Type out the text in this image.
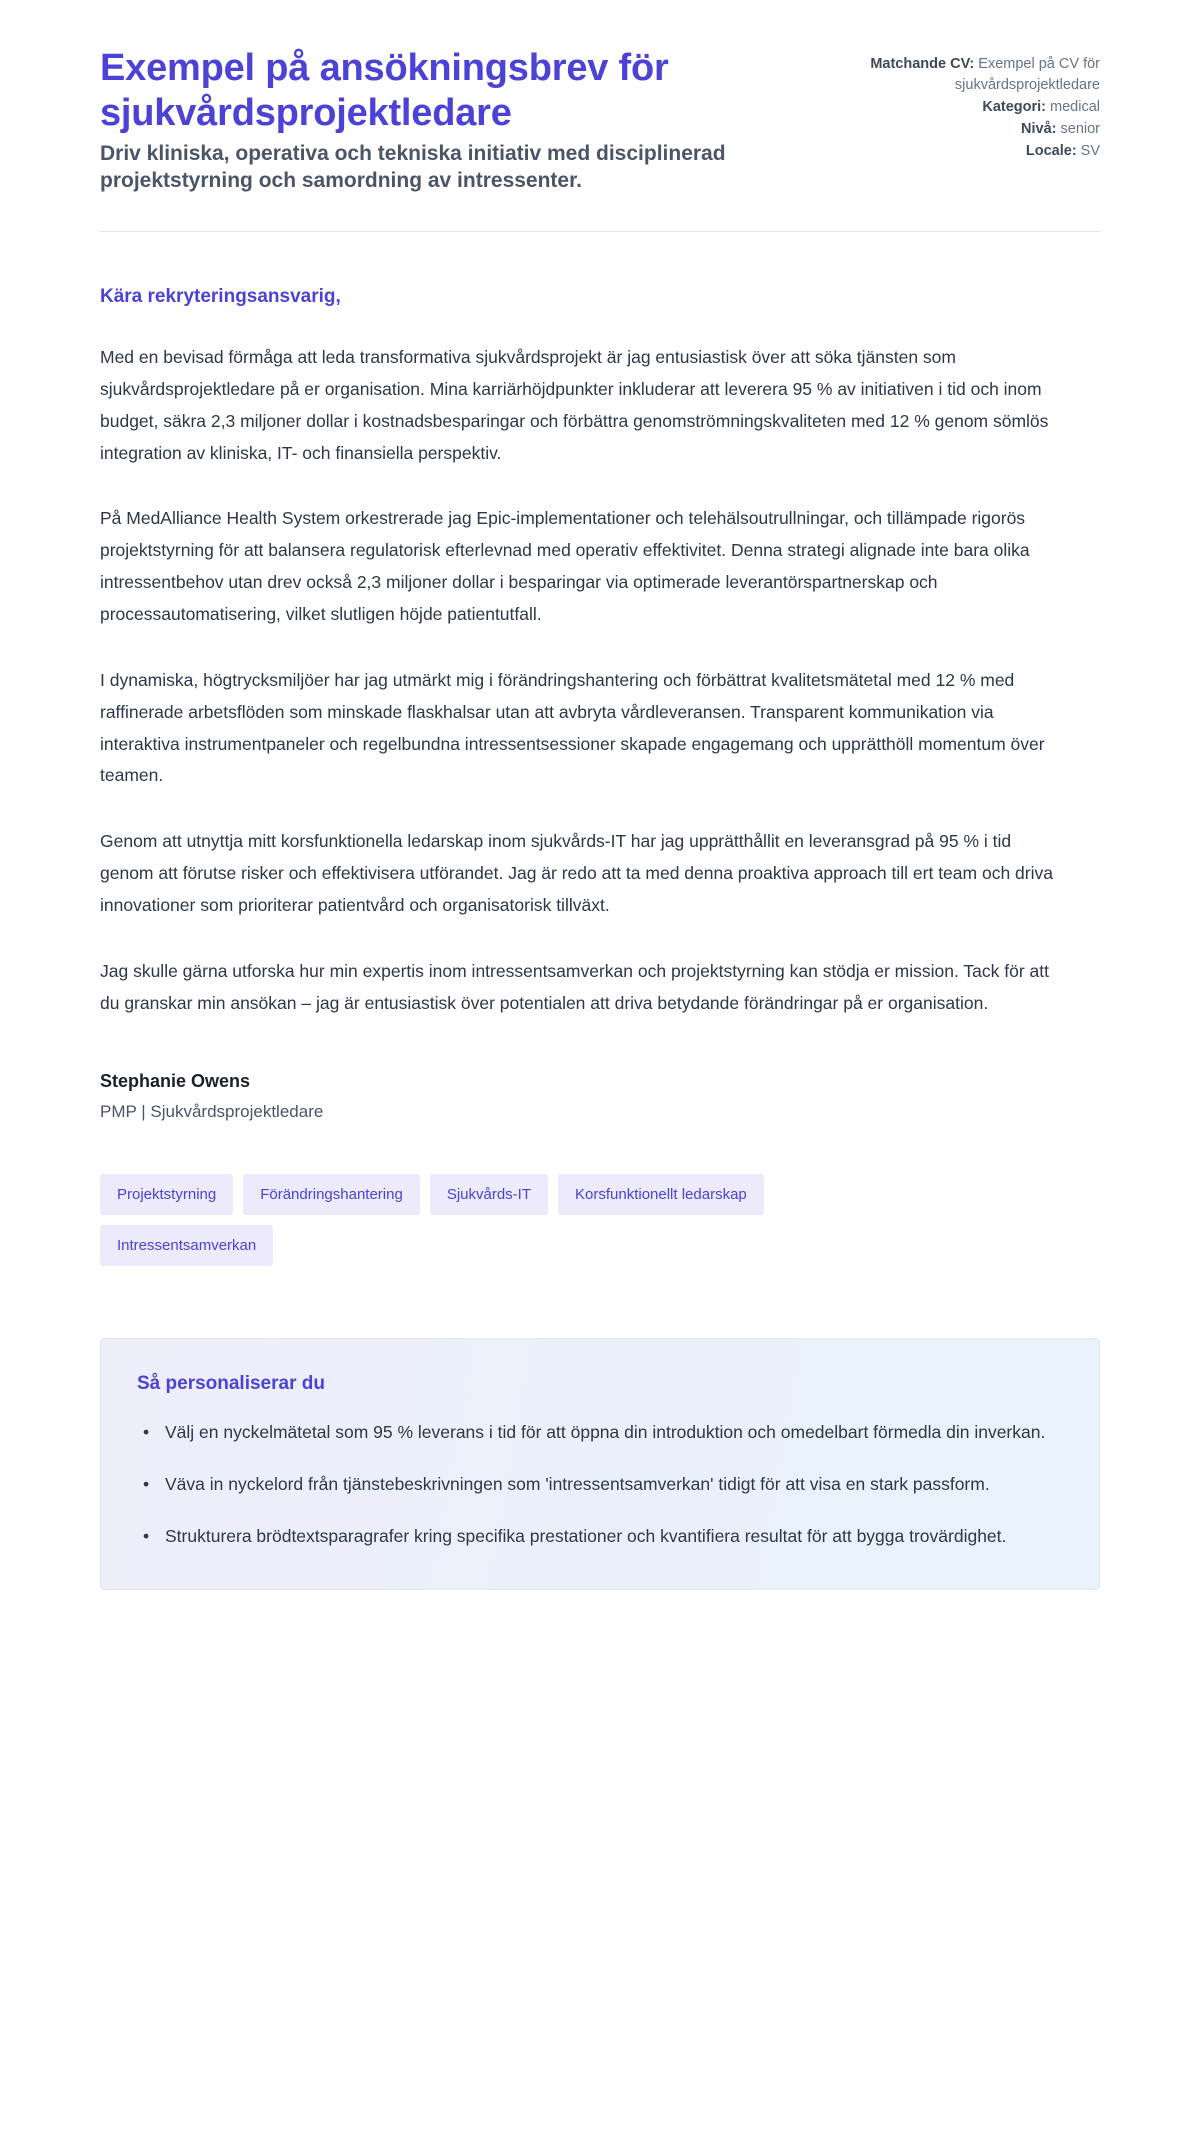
Exempel på ansökningsbrev för sjukvårdsprojektledare

Driv kliniska, operativa och tekniska initiativ med disciplinerad projektstyrning och samordning av intressenter.

Matchande CV: Exempel på CV för sjukvårdsprojektledare
Kategori: medical
Nivå: senior
Locale: SV

Kära rekryteringsansvarig,

Med en bevisad förmåga att leda transformativa sjukvårdsprojekt är jag entusiastisk över att söka tjänsten som sjukvårdsprojektledare på er organisation. Mina karriärhöjdpunkter inkluderar att leverera 95 % av initiativen i tid och inom budget, säkra 2,3 miljoner dollar i kostnadsbesparingar och förbättra genomströmningskvaliteten med 12 % genom sömlös integration av kliniska, IT- och finansiella perspektiv.

På MedAlliance Health System orkestrerade jag Epic-implementationer och telehälsoutrullningar, och tillämpade rigorös projektstyrning för att balansera regulatorisk efterlevnad med operativ effektivitet. Denna strategi alignade inte bara olika intressentbehov utan drev också 2,3 miljoner dollar i besparingar via optimerade leverantörspartnerskap och processautomatisering, vilket slutligen höjde patientutfall.

I dynamiska, högtrycksmiljöer har jag utmärkt mig i förändringshantering och förbättrat kvalitetsmätetal med 12 % med raffinerade arbetsflöden som minskade flaskhalsar utan att avbryta vårdleveransen. Transparent kommunikation via interaktiva instrumentpaneler och regelbundna intressentsessioner skapade engagemang och upprätthöll momentum över teamen.

Genom att utnyttja mitt korsfunktionella ledarskap inom sjukvårds-IT har jag upprätthållit en leveransgrad på 95 % i tid genom att förutse risker och effektivisera utförandet. Jag är redo att ta med denna proaktiva approach till ert team och driva innovationer som prioriterar patientvård och organisatorisk tillväxt.

Jag skulle gärna utforska hur min expertis inom intressentsamverkan och projektstyrning kan stödja er mission. Tack för att du granskar min ansökan – jag är entusiastisk över potentialen att driva betydande förändringar på er organisation.

Stephanie Owens

PMP | Sjukvårdsprojektledare

Projektstyrning	Förändringshantering	Sjukvårds-IT	Korsfunktionellt ledarskap
Intressentsamverkan
Så personaliserar du
• Välj en nyckelmätetal som 95 % leverans i tid för att öppna din introduktion och omedelbart förmedla din inverkan.
• Väva in nyckelord från tjänstebeskrivningen som 'intressentsamverkan' tidigt för att visa en stark passform.
• Strukturera brödtextsparagrafer kring specifika prestationer och kvantifiera resultat för att bygga trovärdighet.
